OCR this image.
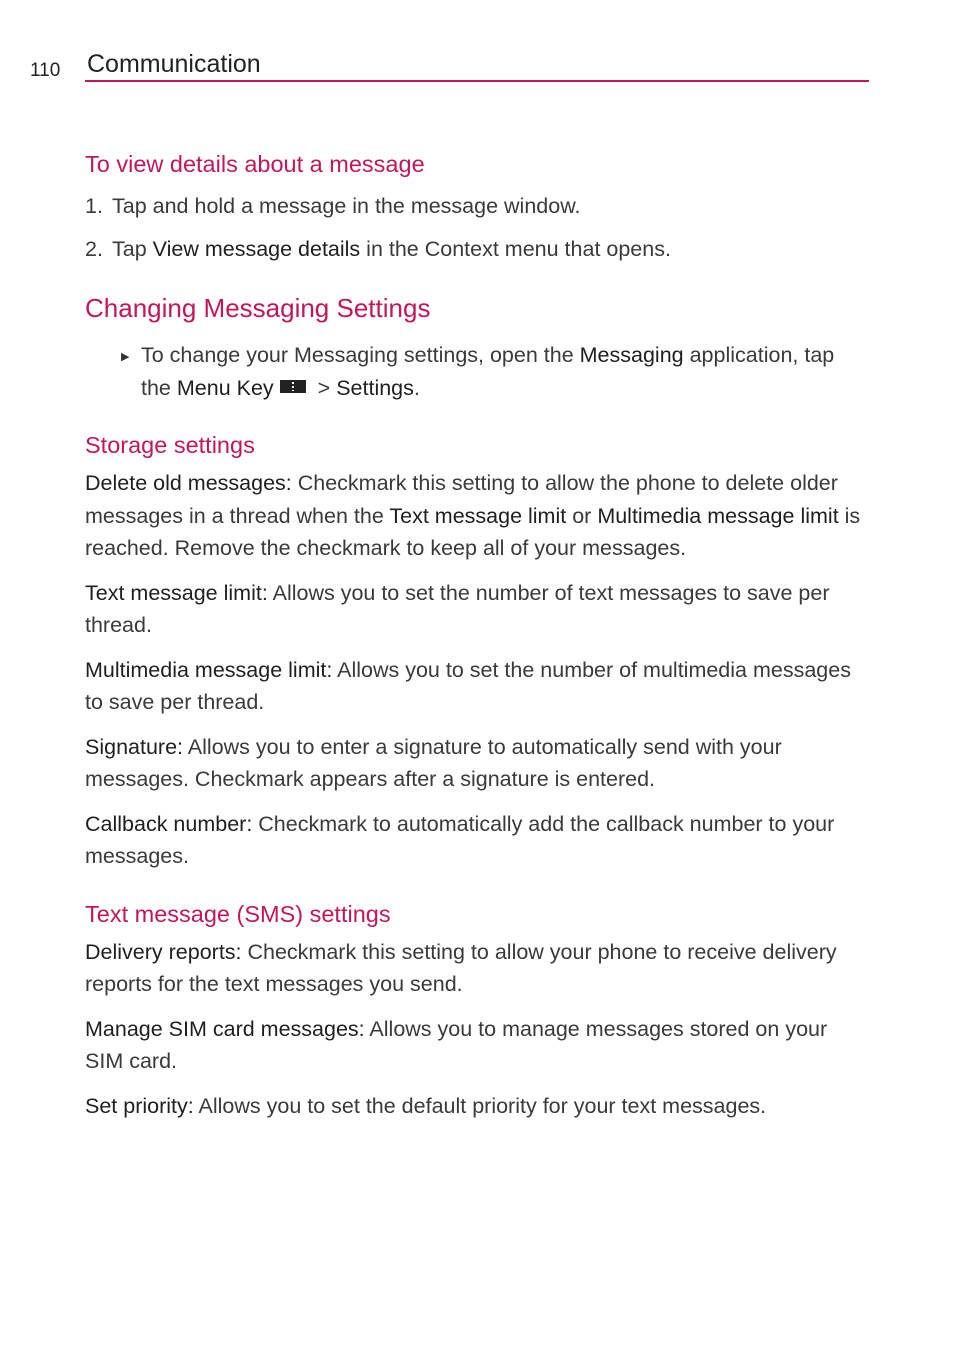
110 Communication
To view details about a message
1. Tap and hold a message in the message window.
2. Tap View message details in the Context menu that opens.
Changing Messaging Settings
▶ To change your Messaging settings, open the Messaging application, tap the Menu Key > Settings.

Storage settings

Delete old messages: Checkmark this setting to allow the phone to delete older messages in a thread when the Text message limit or Multimedia message limit is reached. Remove the checkmark to keep all of your messages.

Text message limit: Allows you to set the number of text messages to save per thread.

Multimedia message limit: Allows you to set the number of multimedia messages to save per thread.

Signature: Allows you to enter a signature to automatically send with your messages. Checkmark appears after a signature is entered.

Callback number: Checkmark to automatically add the callback number to your messages.

Text message (SMS) settings

Delivery reports: Checkmark this setting to allow your phone to receive delivery reports for the text messages you send.

Manage SIM card messages: Allows you to manage messages stored on your SIM card.

Set priority: Allows you to set the default priority for your text messages.
